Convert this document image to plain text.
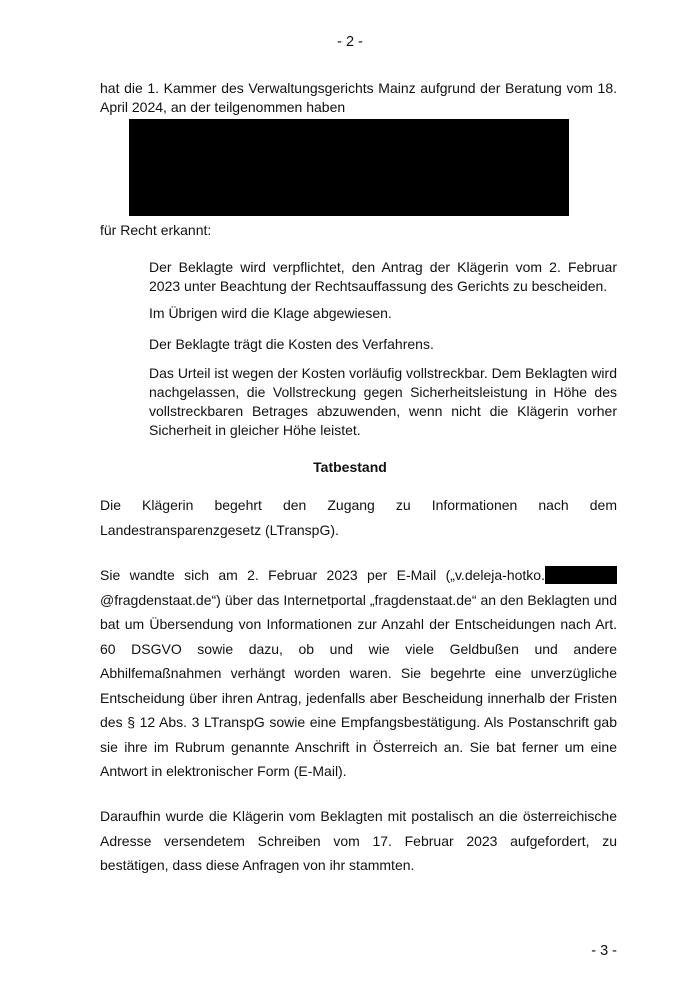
- 2 -
hat die 1. Kammer des Verwaltungsgerichts Mainz aufgrund der Beratung vom 18. April 2024, an der teilgenommen haben
für Recht erkannt:

Der Beklagte wird verpflichtet, den Antrag der Klägerin vom 2. Februar 2023 unter Beachtung der Rechtsauffassung des Gerichts zu bescheiden.

Im Übrigen wird die Klage abgewiesen.

Der Beklagte trägt die Kosten des Verfahrens.

Das Urteil ist wegen der Kosten vorläufig vollstreckbar. Dem Beklagten wird nachgelassen, die Vollstreckung gegen Sicherheitsleistung in Höhe des vollstreckbaren Betrages abzuwenden, wenn nicht die Klägerin vorher Sicherheit in gleicher Höhe leistet.

Tatbestand

Die Klägerin begehrt den Zugang zu Informationen nach dem Landestransparenzgesetz (LTranspG).

Sie wandte sich am 2. Februar 2023 per E-Mail („v.deleja-hotko.@fragdenstaat.de“) über das Internetportal „fragdenstaat.de“ an den Beklagten und bat um Übersendung von Informationen zur Anzahl der Entscheidungen nach Art. 60 DSGVO sowie dazu, ob und wie viele Geldbußen und andere Abhilfemaßnahmen verhängt worden waren. Sie begehrte eine unverzügliche Entscheidung über ihren Antrag, jedenfalls aber Bescheidung innerhalb der Fristen des § 12 Abs. 3 LTranspG sowie eine Empfangsbestätigung. Als Postanschrift gab sie ihre im Rubrum genannte Anschrift in Österreich an. Sie bat ferner um eine Antwort in elektronischer Form (E-Mail).

Daraufhin wurde die Klägerin vom Beklagten mit postalisch an die österreichische Adresse versendetem Schreiben vom 17. Februar 2023 aufgefordert, zu bestätigen, dass diese Anfragen von ihr stammten.

- 3 -
